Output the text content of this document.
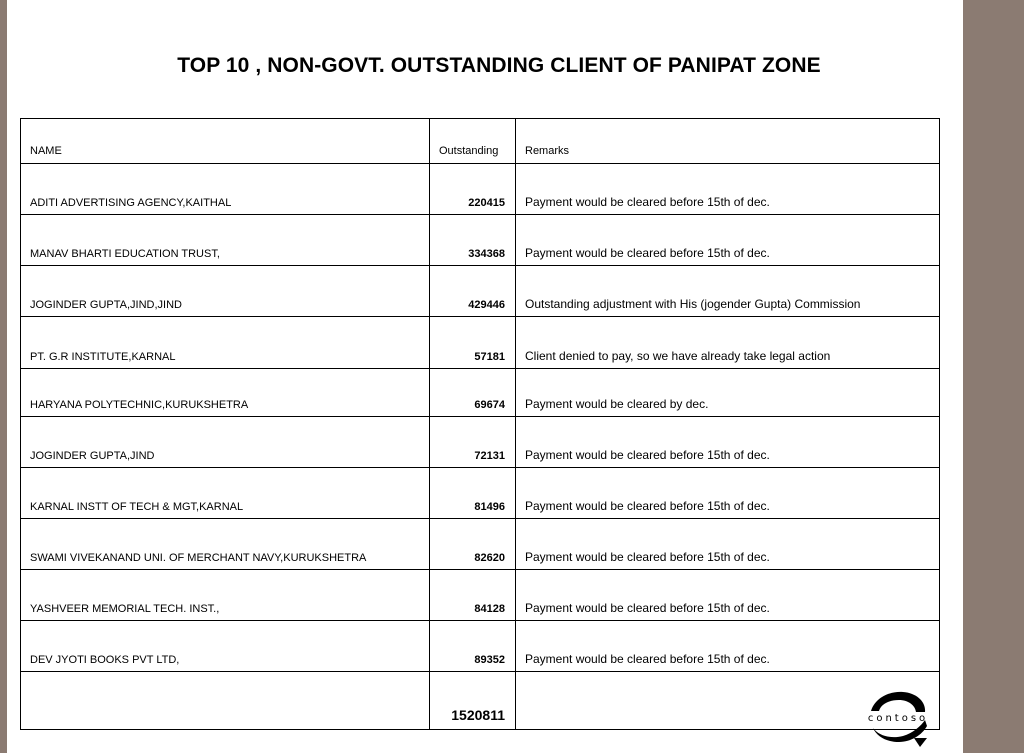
TOP 10 , NON-GOVT. OUTSTANDING CLIENT OF PANIPAT ZONE
NAME	Outstanding	Remarks
ADITI ADVERTISING AGENCY,KAITHAL	220415	Payment would be cleared before 15th of dec.
MANAV BHARTI EDUCATION TRUST,	334368	Payment would be cleared before 15th of dec.
JOGINDER GUPTA,JIND,JIND	429446	Outstanding adjustment with His (jogender Gupta) Commission
PT. G.R INSTITUTE,KARNAL	57181	Client denied to pay, so we have already take legal action
HARYANA POLYTECHNIC,KURUKSHETRA	69674	Payment would be cleared by dec.
JOGINDER GUPTA,JIND	72131	Payment would be cleared before 15th of dec.
KARNAL INSTT OF TECH & MGT,KARNAL	81496	Payment would be cleared before 15th of dec.
SWAMI VIVEKANAND UNI. OF MERCHANT NAVY,KURUKSHETRA	82620	Payment would be cleared before 15th of dec.
YASHVEER MEMORIAL TECH. INST.,	84128	Payment would be cleared before 15th of dec.
DEV JYOTI BOOKS PVT LTD,	89352	Payment would be cleared before 15th of dec.
	1520811		contoso
